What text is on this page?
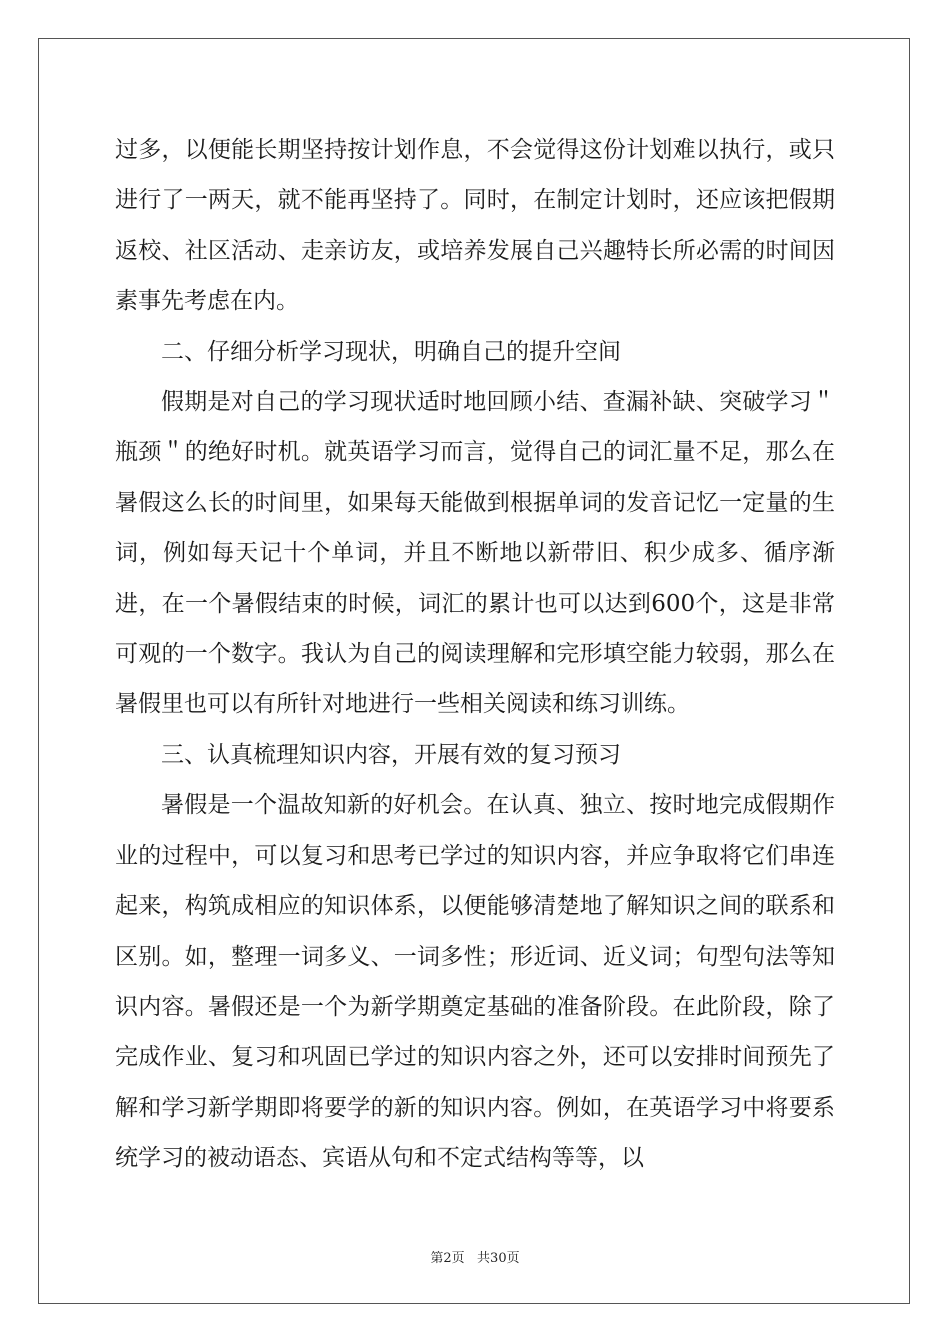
过多，以便能长期坚持按计划作息，不会觉得这份计划难以执行，或只进行了一两天，就不能再坚持了。同时，在制定计划时，还应该把假期返校、社区活动、走亲访友，或培养发展自己兴趣特长所必需的时间因素事先考虑在内。

二、仔细分析学习现状，明确自己的提升空间

假期是对自己的学习现状适时地回顾小结、查漏补缺、突破学习＂瓶颈＂的绝好时机。就英语学习而言，觉得自己的词汇量不足，那么在暑假这么长的时间里，如果每天能做到根据单词的发音记忆一定量的生词，例如每天记十个单词，并且不断地以新带旧、积少成多、循序渐进，在一个暑假结束的时候，词汇的累计也可以达到600个，这是非常可观的一个数字。我认为自己的阅读理解和完形填空能力较弱，那么在暑假里也可以有所针对地进行一些相关阅读和练习训练。

三、认真梳理知识内容，开展有效的复习预习

暑假是一个温故知新的好机会。在认真、独立、按时地完成假期作业的过程中，可以复习和思考已学过的知识内容，并应争取将它们串连起来，构筑成相应的知识体系，以便能够清楚地了解知识之间的联系和区别。如，整理一词多义、一词多性；形近词、近义词；句型句法等知识内容。暑假还是一个为新学期奠定基础的准备阶段。在此阶段，除了完成作业、复习和巩固已学过的知识内容之外，还可以安排时间预先了解和学习新学期即将要学的新的知识内容。例如，在英语学习中将要系统学习的被动语态、宾语从句和不定式结构等等，以

第2页   共30页
